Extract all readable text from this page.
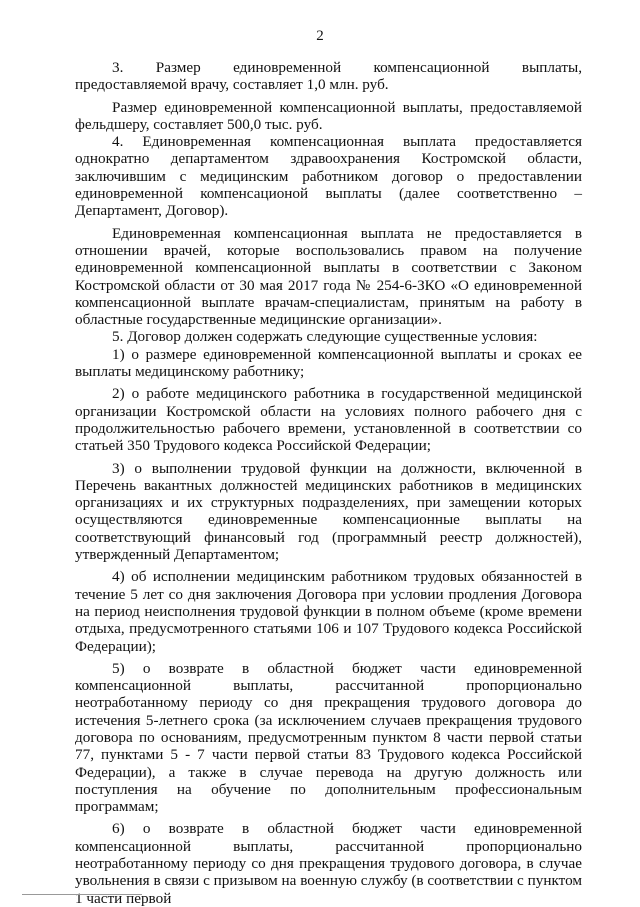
2

3. Размер единовременной компенсационной выплаты, предоставляемой врачу, составляет 1,0 млн. руб.

Размер единовременной компенсационной выплаты, предоставляемой фельдшеру, составляет 500,0 тыс. руб.

4. Единовременная компенсационная выплата предоставляется однократно департаментом здравоохранения Костромской области, заключившим с медицинским работником договор о предоставлении единовременной компенсационой выплаты (далее соответственно – Департамент, Договор).

Единовременная компенсационная выплата не предоставляется в отношении врачей, которые воспользовались правом на получение единовременной компенсационной выплаты в соответствии с Законом Костромской области от 30 мая 2017 года № 254-6-ЗКО «О единовременной компенсационной выплате врачам-специалистам, принятым на работу в областные государственные медицинские организации».

5. Договор должен содержать следующие существенные условия:

1) о размере единовременной компенсационной выплаты и сроках ее выплаты медицинскому работнику;

2) о работе медицинского работника в государственной медицинской организации Костромской области на условиях полного рабочего дня с продолжительностью рабочего времени, установленной в соответствии со статьей 350 Трудового кодекса Российской Федерации;

3) о выполнении трудовой функции на должности, включенной в Перечень вакантных должностей медицинских работников в медицинских организациях и их структурных подразделениях, при замещении которых осуществляются единовременные компенсационные выплаты на соответствующий финансовый год (программный реестр должностей), утвержденный Департаментом;

4) об исполнении медицинским работником трудовых обязанностей в течение 5 лет со дня заключения Договора при условии продления Договора на период неисполнения трудовой функции в полном объеме (кроме времени отдыха, предусмотренного статьями 106 и 107 Трудового кодекса Российской Федерации);

5) о возврате в областной бюджет части единовременной компенсационной выплаты, рассчитанной пропорционально неотработанному периоду со дня прекращения трудового договора до истечения 5-летнего срока (за исключением случаев прекращения трудового договора по основаниям, предусмотренным пунктом 8 части первой статьи 77, пунктами 5 - 7 части первой статьи 83 Трудового кодекса Российской Федерации), а также в случае перевода на другую должность или поступления на обучение по дополнительным профессиональным программам;

6) о возврате в областной бюджет части единовременной компенсационной выплаты, рассчитанной пропорционально неотработанному периоду со дня прекращения трудового договора, в случае увольнения в связи с призывом на военную службу (в соответствии с пунктом 1 части первой
